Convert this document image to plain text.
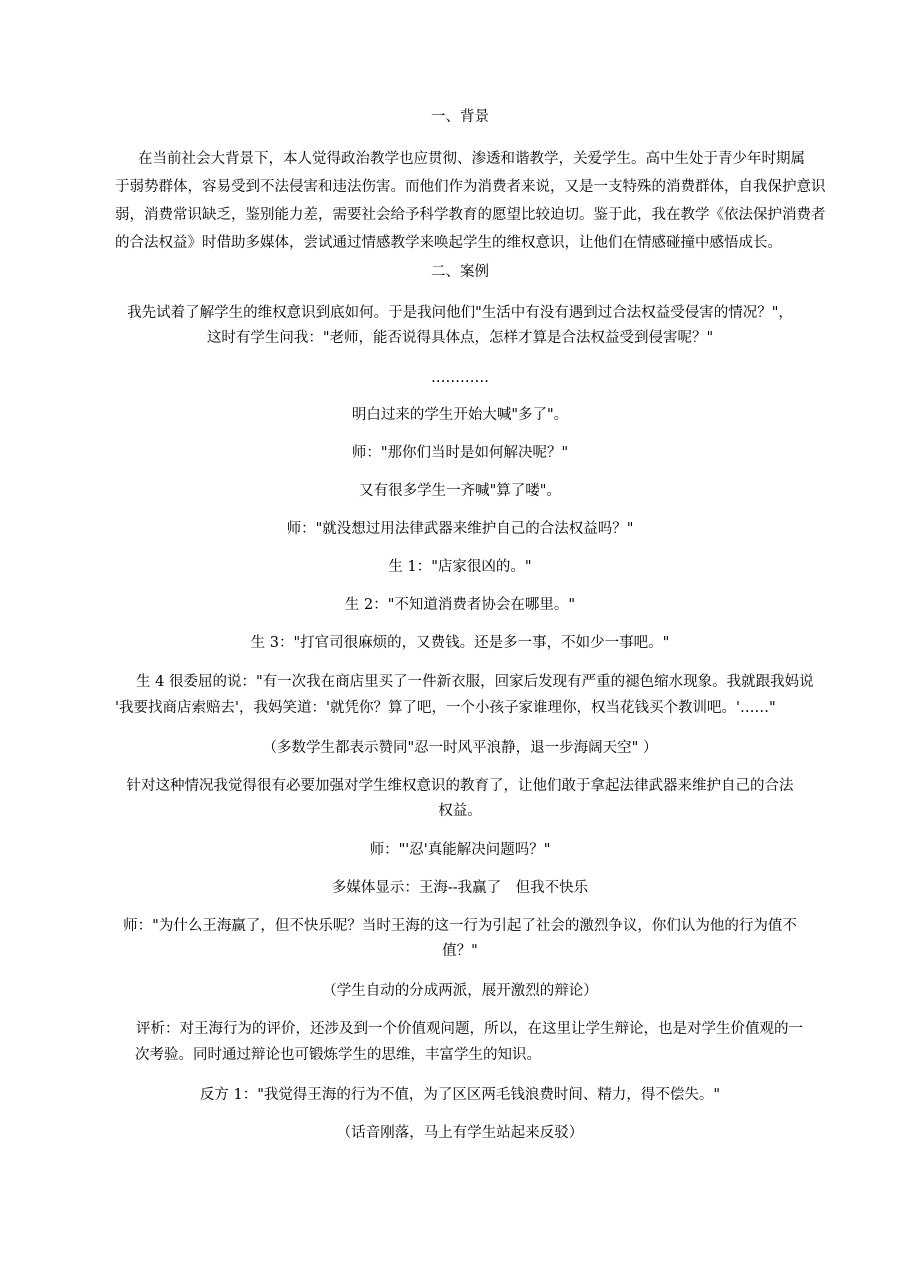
一、背景
在当前社会大背景下，本人觉得政治教学也应贯彻、渗透和谐教学，关爱学生。高中生处于青少年时期属
于弱势群体，容易受到不法侵害和违法伤害。而他们作为消费者来说，又是一支特殊的消费群体，自我保护意识
弱，消费常识缺乏，鉴别能力差，需要社会给予科学教育的愿望比较迫切。鉴于此，我在教学《依法保护消费者
的合法权益》时借助多媒体，尝试通过情感教学来唤起学生的维权意识，让他们在情感碰撞中感悟成长。
二、案例
我先试着了解学生的维权意识到底如何。于是我问他们"生活中有没有遇到过合法权益受侵害的情况？"，
这时有学生问我："老师，能否说得具体点，怎样才算是合法权益受到侵害呢？"
…………
明白过来的学生开始大喊"多了"。
师："那你们当时是如何解决呢？"
又有很多学生一齐喊"算了喽"。
师："就没想过用法律武器来维护自己的合法权益吗？"
生 1："店家很凶的。"
生 2："不知道消费者协会在哪里。"
生 3："打官司很麻烦的，又费钱。还是多一事，不如少一事吧。"
生 4 很委屈的说："有一次我在商店里买了一件新衣服，回家后发现有严重的褪色缩水现象。我就跟我妈说
'我要找商店索赔去'，我妈笑道：'就凭你？算了吧，一个小孩子家谁理你，权当花钱买个教训吧。'……"
（多数学生都表示赞同"忍一时风平浪静，退一步海阔天空" ）
针对这种情况我觉得很有必要加强对学生维权意识的教育了，让他们敢于拿起法律武器来维护自己的合法
权益。
师："'忍'真能解决问题吗？"
多媒体显示：王海--我赢了　但我不快乐
师："为什么王海赢了，但不快乐呢？当时王海的这一行为引起了社会的激烈争议，你们认为他的行为值不
值？"
（学生自动的分成两派，展开激烈的辩论）
评析：对王海行为的评价，还涉及到一个价值观问题，所以，在这里让学生辩论，也是对学生价值观的一
次考验。同时通过辩论也可锻炼学生的思维，丰富学生的知识。
反方 1："我觉得王海的行为不值，为了区区两毛钱浪费时间、精力，得不偿失。"
（话音刚落，马上有学生站起来反驳）
